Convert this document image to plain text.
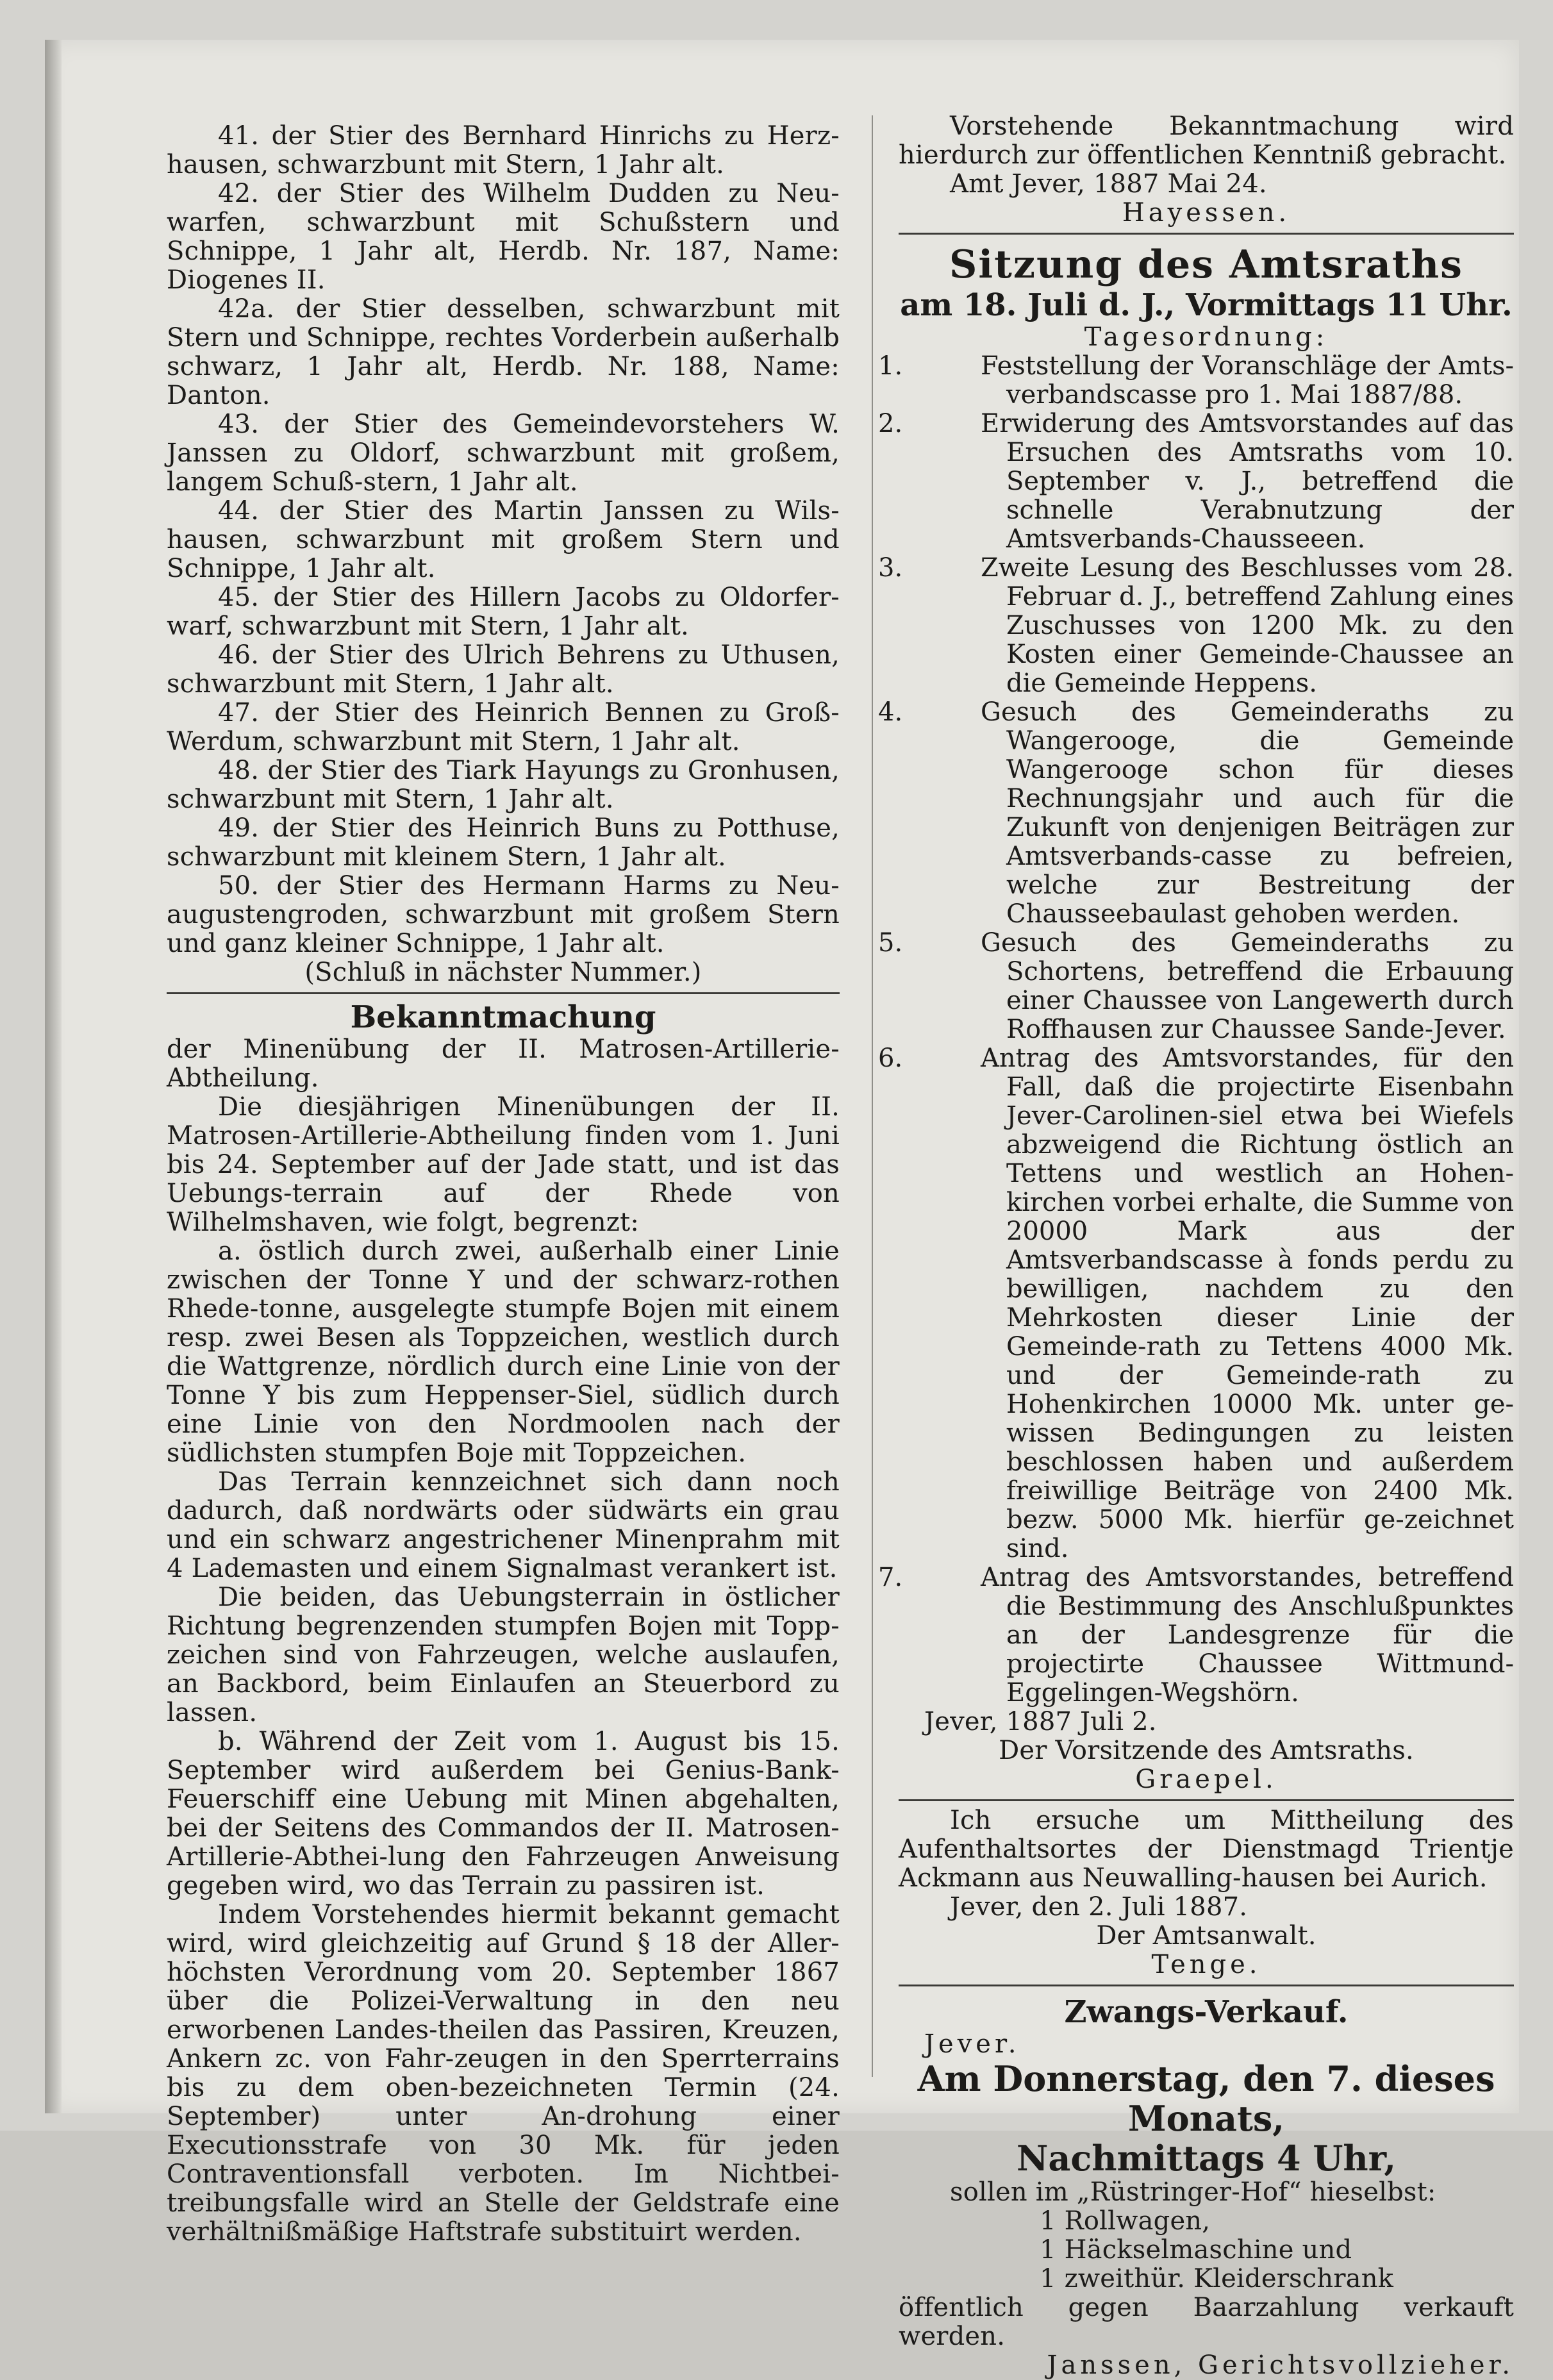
41. der Stier des Bernhard Hinrichs zu Herz-hausen, schwarzbunt mit Stern, 1 Jahr alt.

42. der Stier des Wilhelm Dudden zu Neu-warfen, schwarzbunt mit Schußstern und Schnippe, 1 Jahr alt, Herdb. Nr. 187, Name: Diogenes II.

42a. der Stier desselben, schwarzbunt mit Stern und Schnippe, rechtes Vorderbein außerhalb schwarz, 1 Jahr alt, Herdb. Nr. 188, Name: Danton.

43. der Stier des Gemeindevorstehers W. Janssen zu Oldorf, schwarzbunt mit großem, langem Schuß-stern, 1 Jahr alt.

44. der Stier des Martin Janssen zu Wils-hausen, schwarzbunt mit großem Stern und Schnippe, 1 Jahr alt.

45. der Stier des Hillern Jacobs zu Oldorfer-warf, schwarzbunt mit Stern, 1 Jahr alt.

46. der Stier des Ulrich Behrens zu Uthusen, schwarzbunt mit Stern, 1 Jahr alt.

47. der Stier des Heinrich Bennen zu Groß-Werdum, schwarzbunt mit Stern, 1 Jahr alt.

48. der Stier des Tiark Hayungs zu Gronhusen, schwarzbunt mit Stern, 1 Jahr alt.

49. der Stier des Heinrich Buns zu Potthuse, schwarzbunt mit kleinem Stern, 1 Jahr alt.

50. der Stier des Hermann Harms zu Neu-augustengroden, schwarzbunt mit großem Stern und ganz kleiner Schnippe, 1 Jahr alt.

(Schluß in nächster Nummer.)

Bekanntmachung

der Minenübung der II. Matrosen-Artillerie-Abtheilung.

Die diesjährigen Minenübungen der II. Matrosen-Artillerie-Abtheilung finden vom 1. Juni bis 24. September auf der Jade statt, und ist das Uebungs-terrain auf der Rhede von Wilhelmshaven, wie folgt, begrenzt:

a. östlich durch zwei, außerhalb einer Linie zwischen der Tonne Y und der schwarz-rothen Rhede-tonne, ausgelegte stumpfe Bojen mit einem resp. zwei Besen als Toppzeichen, westlich durch die Wattgrenze, nördlich durch eine Linie von der Tonne Y bis zum Heppenser-Siel, südlich durch eine Linie von den Nordmoolen nach der südlichsten stumpfen Boje mit Toppzeichen.

Das Terrain kennzeichnet sich dann noch dadurch, daß nordwärts oder südwärts ein grau und ein schwarz angestrichener Minenprahm mit 4 Lademasten und einem Signalmast verankert ist.

Die beiden, das Uebungsterrain in östlicher Richtung begrenzenden stumpfen Bojen mit Topp-zeichen sind von Fahrzeugen, welche auslaufen, an Backbord, beim Einlaufen an Steuerbord zu lassen.

b. Während der Zeit vom 1. August bis 15. September wird außerdem bei Genius-Bank-Feuerschiff eine Uebung mit Minen abgehalten, bei der Seitens des Commandos der II. Matrosen-Artillerie-Abthei-lung den Fahrzeugen Anweisung gegeben wird, wo das Terrain zu passiren ist.

Indem Vorstehendes hiermit bekannt gemacht wird, wird gleichzeitig auf Grund § 18 der Aller-höchsten Verordnung vom 20. September 1867 über die Polizei-Verwaltung in den neu erworbenen Landes-theilen das Passiren, Kreuzen, Ankern zc. von Fahr-zeugen in den Sperrterrains bis zu dem oben-bezeichneten Termin (24. September) unter An-drohung einer Executionsstrafe von 30 Mk. für jeden Contraventionsfall verboten. Im Nichtbei-treibungsfalle wird an Stelle der Geldstrafe eine verhältnißmäßige Haftstrafe substituirt werden.

Vorstehende Bekanntmachung wird hierdurch zur öffentlichen Kenntniß gebracht.

Amt Jever, 1887 Mai 24.

Hayessen.

Sitzung des Amtsraths

am 18. Juli d. J., Vormittags 11 Uhr.

Tagesordnung:

1.	Feststellung der Voranschläge der Amts-verbandscasse pro 1. Mai 1887/88.
2.	Erwiderung des Amtsvorstandes auf das Ersuchen des Amtsraths vom 10. September v. J., betreffend die schnelle Verabnutzung der Amtsverbands-Chausseeen.
3.	Zweite Lesung des Beschlusses vom 28. Februar d. J., betreffend Zahlung eines Zuschusses von 1200 Mk. zu den Kosten einer Gemeinde-Chaussee an die Gemeinde Heppens.
4.	Gesuch des Gemeinderaths zu Wangerooge, die Gemeinde Wangerooge schon für dieses Rechnungsjahr und auch für die Zukunft von denjenigen Beiträgen zur Amtsverbands-casse zu befreien, welche zur Bestreitung der Chausseebaulast gehoben werden.
5.	Gesuch des Gemeinderaths zu Schortens, betreffend die Erbauung einer Chaussee von Langewerth durch Roffhausen zur Chaussee Sande-Jever.
6.	Antrag des Amtsvorstandes, für den Fall, daß die projectirte Eisenbahn Jever-Carolinen-siel etwa bei Wiefels abzweigend die Richtung östlich an Tettens und westlich an Hohen-kirchen vorbei erhalte, die Summe von 20000 Mark aus der Amtsverbandscasse à fonds perdu zu bewilligen, nachdem zu den Mehrkosten dieser Linie der Gemeinde-rath zu Tettens 4000 Mk. und der Gemeinde-rath zu Hohenkirchen 10000 Mk. unter ge-wissen Bedingungen zu leisten beschlossen haben und außerdem freiwillige Beiträge von 2400 Mk. bezw. 5000 Mk. hierfür ge-zeichnet sind.
7.	Antrag des Amtsvorstandes, betreffend die Bestimmung des Anschlußpunktes an der Landesgrenze für die projectirte Chaussee Wittmund-Eggelingen-Wegshörn.

Jever, 1887 Juli 2.

Der Vorsitzende des Amtsraths.

Graepel.

Ich ersuche um Mittheilung des Aufenthaltsortes der Dienstmagd Trientje Ackmann aus Neuwalling-hausen bei Aurich.

Jever, den 2. Juli 1887.

Der Amtsanwalt.

Tenge.

Zwangs-Verkauf.

Jever.

Am Donnerstag, den 7. dieses Monats,

Nachmittags 4 Uhr,

sollen im „Rüstringer-Hof“ hieselbst:

1 Rollwagen,

1 Häckselmaschine und

1 zweithür. Kleiderschrank

öffentlich gegen Baarzahlung verkauft werden.

Janssen, Gerichtsvollzieher.
